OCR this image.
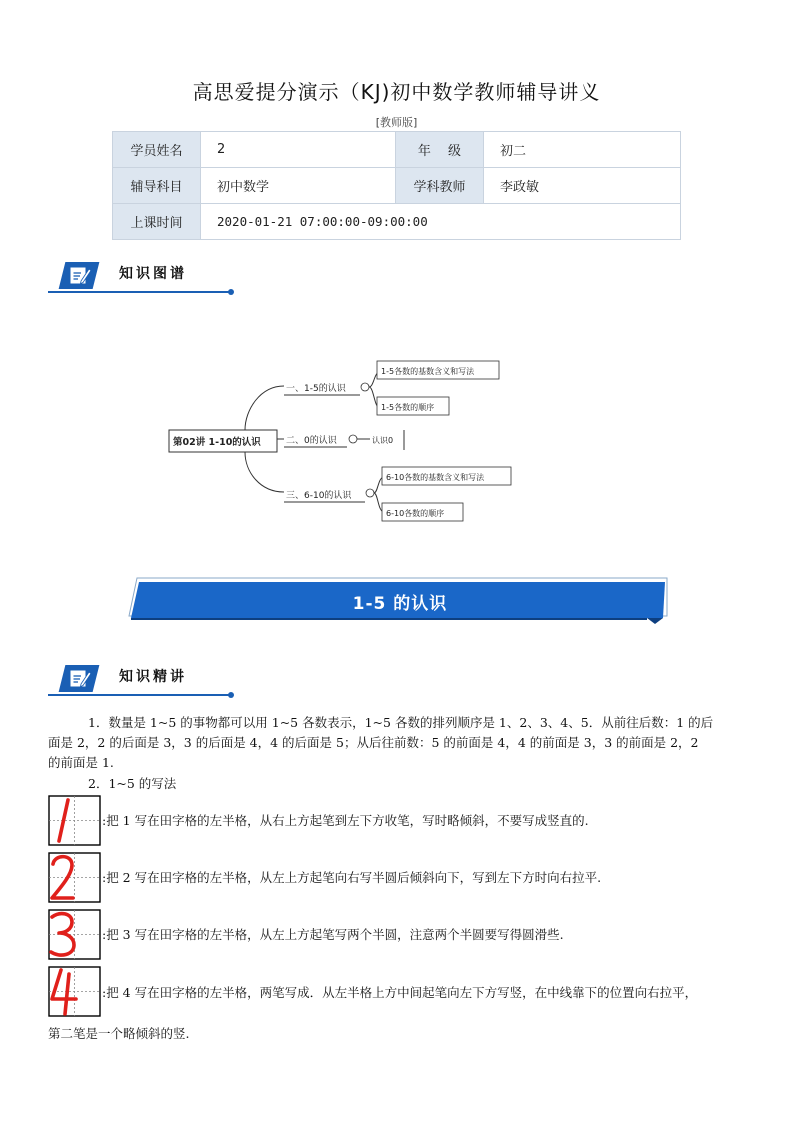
高思爱提分演示（KJ)初中数学教师辅导讲义
[教师版]
学员姓名	2	年　 级	初二
辅导科目	初中数学	学科教师	李政敏
上课时间	2020-01-21 07:00:00-09:00:00		
知识图谱
第02讲 1-10的认识
一、1-5的认识
1-5各数的基数含义和写法
1-5各数的顺序
二、0的认识	认识0
三、6-10的认识
6-10各数的基数含义和写法
6-10各数的顺序
1-5 的认识
知识精讲
1．数量是 1~5 的事物都可以用 1~5 各数表示，1~5 各数的排列顺序是 1、2、3、4、5．从前往后数：1 的后
面是 2，2 的后面是 3，3 的后面是 4，4 的后面是 5；从后往前数：5 的前面是 4，4 的前面是 3，3 的前面是 2，2
的前面是 1.
2．1~5 的写法
:把 1 写在田字格的左半格，从右上方起笔到左下方收笔，写时略倾斜，不要写成竖直的.
:把 2 写在田字格的左半格，从左上方起笔向右写半圆后倾斜向下，写到左下方时向右拉平.
:把 3 写在田字格的左半格，从左上方起笔写两个半圆，注意两个半圆要写得圆滑些.
:把 4 写在田字格的左半格，两笔写成．从左半格上方中间起笔向左下方写竖，在中线靠下的位置向右拉平，
第二笔是一个略倾斜的竖.
